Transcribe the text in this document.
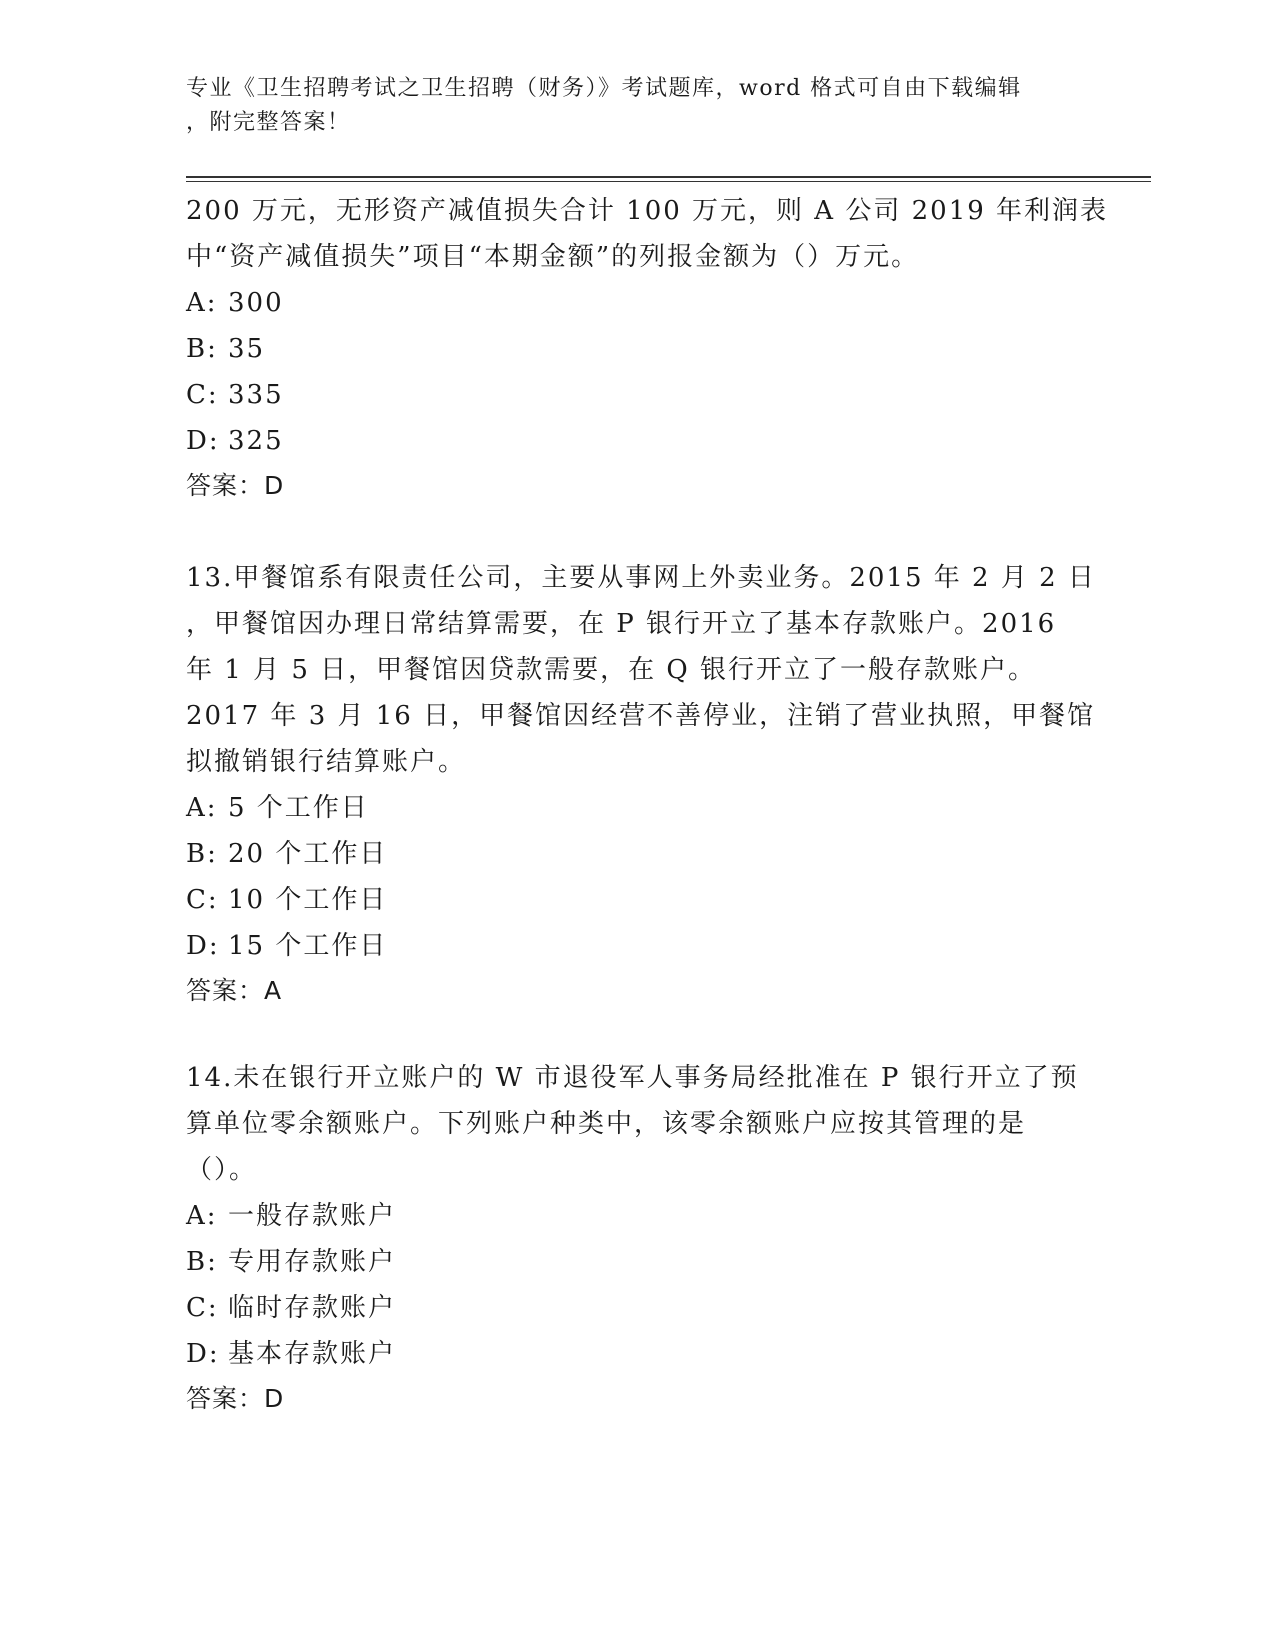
专业《卫生招聘考试之卫生招聘（财务）》考试题库，word 格式可自由下载编辑
，附完整答案！
200 万元，无形资产减值损失合计 100 万元，则 A 公司 2019 年利润表
中“资产减值损失”项目“本期金额”的列报金额为（）万元。
A: 300
B: 35
C: 335
D: 325
答案：D
13.甲餐馆系有限责任公司，主要从事网上外卖业务。2015 年 2 月 2 日
，甲餐馆因办理日常结算需要，在 P 银行开立了基本存款账户。2016
年 1 月 5 日，甲餐馆因贷款需要，在 Q 银行开立了一般存款账户。
2017 年 3 月 16 日，甲餐馆因经营不善停业，注销了营业执照，甲餐馆
拟撤销银行结算账户。
A: 5 个工作日
B: 20 个工作日
C: 10 个工作日
D: 15 个工作日
答案：A
14.未在银行开立账户的 W 市退役军人事务局经批准在 P 银行开立了预
算单位零余额账户。下列账户种类中，该零余额账户应按其管理的是
（）。
A: 一般存款账户
B: 专用存款账户
C: 临时存款账户
D: 基本存款账户
答案：D
